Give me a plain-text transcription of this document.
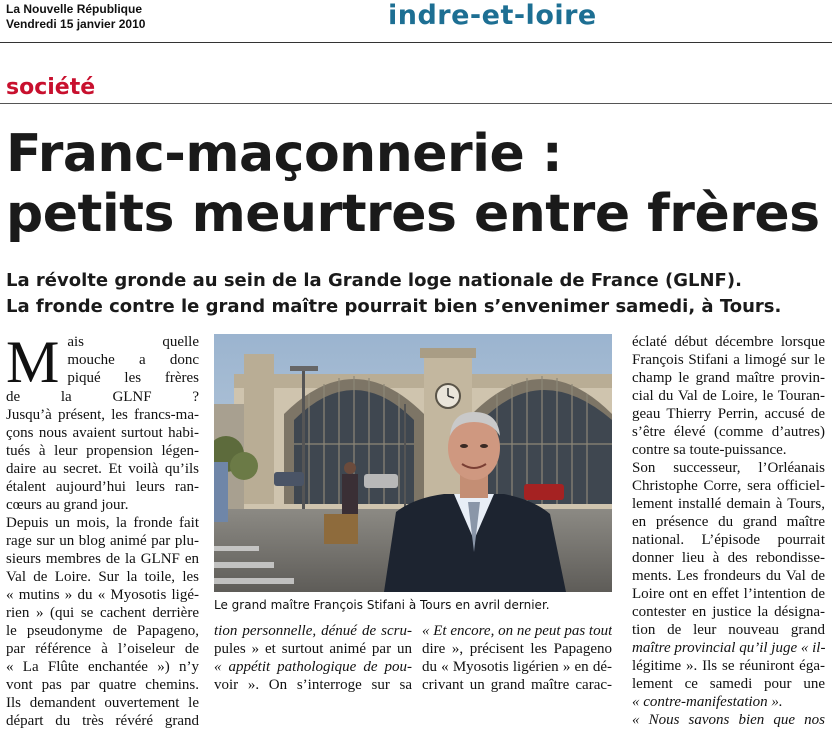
La Nouvelle République
Vendredi 15 janvier 2010	indre-et-loire
société
Franc-maçonnerie :
petits meurtres entre frères
La révolte gronde au sein de la Grande loge nationale de France (GLNF).
La fronde contre le grand maître pourrait bien s’envenimer samedi, à Tours.
M ais quelle
mouche a donc
piqué les frères
de la GLNF ?
Jusqu’à présent, les francs-ma-
çons nous avaient surtout habi-
tués à leur propension légen-
daire au secret. Et voilà qu’ils
étalent aujourd’hui leurs ran-
cœurs au grand jour.
Depuis un mois, la fronde fait
rage sur un blog animé par plu-
sieurs membres de la GLNF en
Val de Loire. Sur la toile, les
« mutins » du « Myosotis ligé-
rien » (qui se cachent derrière
le pseudonyme de Papageno,
par référence à l’oiseleur de
« La Flûte enchantée ») n’y
vont pas par quatre chemins.
Ils demandent ouvertement le
départ du très révéré grand
Le grand maître François Stifani à Tours en avril dernier.
tion personnelle, dénué de scru-
pules » et surtout animé par un
« appétit pathologique de pou-
voir ». On s’interroge sur sa
« Et encore, on ne peut pas tout
dire », précisent les Papageno
du « Myosotis ligérien » en dé-
crivant un grand maître carac-
éclaté début décembre lorsque
François Stifani a limogé sur le
champ le grand maître provin-
cial du Val de Loire, le Touran-
geau Thierry Perrin, accusé de
s’être élevé (comme d’autres)
contre sa toute-puissance.
Son successeur, l’Orléanais
Christophe Corre, sera officiel-
lement installé demain à Tours,
en présence du grand maître
national. L’épisode pourrait
donner lieu à des rebondisse-
ments. Les frondeurs du Val de
Loire ont en effet l’intention de
contester en justice la désigna-
tion de leur nouveau grand
maître provincial qu’il juge « il-
légitime ». Ils se réuniront éga-
lement ce samedi pour une
« contre-manifestation ».
« Nous savons bien que nos
